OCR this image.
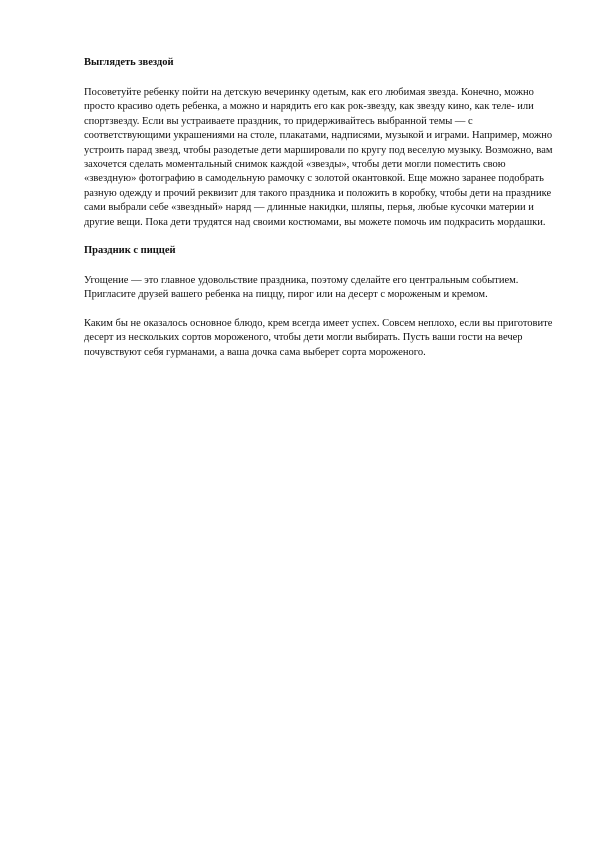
Выглядеть звездой

Посоветуйте ребенку пойти на детскую вечеринку одетым, как его любимая звезда. Конечно, можно просто красиво одеть ребенка, а можно и нарядить его как рок-звезду, как звезду кино, как теле- или спортзвезду. Если вы устраиваете праздник, то придерживайтесь выбранной темы — с соответствующими украшениями на столе, плакатами, надписями, музыкой и играми. Например, можно устроить парад звезд, чтобы разодетые дети маршировали по кругу под веселую музыку. Возможно, вам захочется сделать моментальный снимок каждой «звезды», чтобы дети могли поместить свою «звездную» фотографию в самодельную рамочку с золотой окантовкой. Еще можно заранее подобрать разную одежду и прочий реквизит для такого праздника и положить в коробку, чтобы дети на празднике сами выбрали себе «звездный» наряд — длинные накидки, шляпы, перья, любые кусочки материи и другие вещи. Пока дети трудятся над своими костюмами, вы можете помочь им подкрасить мордашки.

Праздник с пиццей

Угощение — это главное удовольствие праздника, поэтому сделайте его центральным событием. Пригласите друзей вашего ребенка на пиццу, пирог или на десерт с мороженым и кремом.

Каким бы не оказалось основное блюдо, крем всегда имеет успех. Совсем неплохо, если вы приготовите десерт из нескольких сортов мороженого, чтобы дети могли выбирать. Пусть ваши гости на вечер почувствуют себя гурманами, а ваша дочка сама выберет сорта мороженого.
